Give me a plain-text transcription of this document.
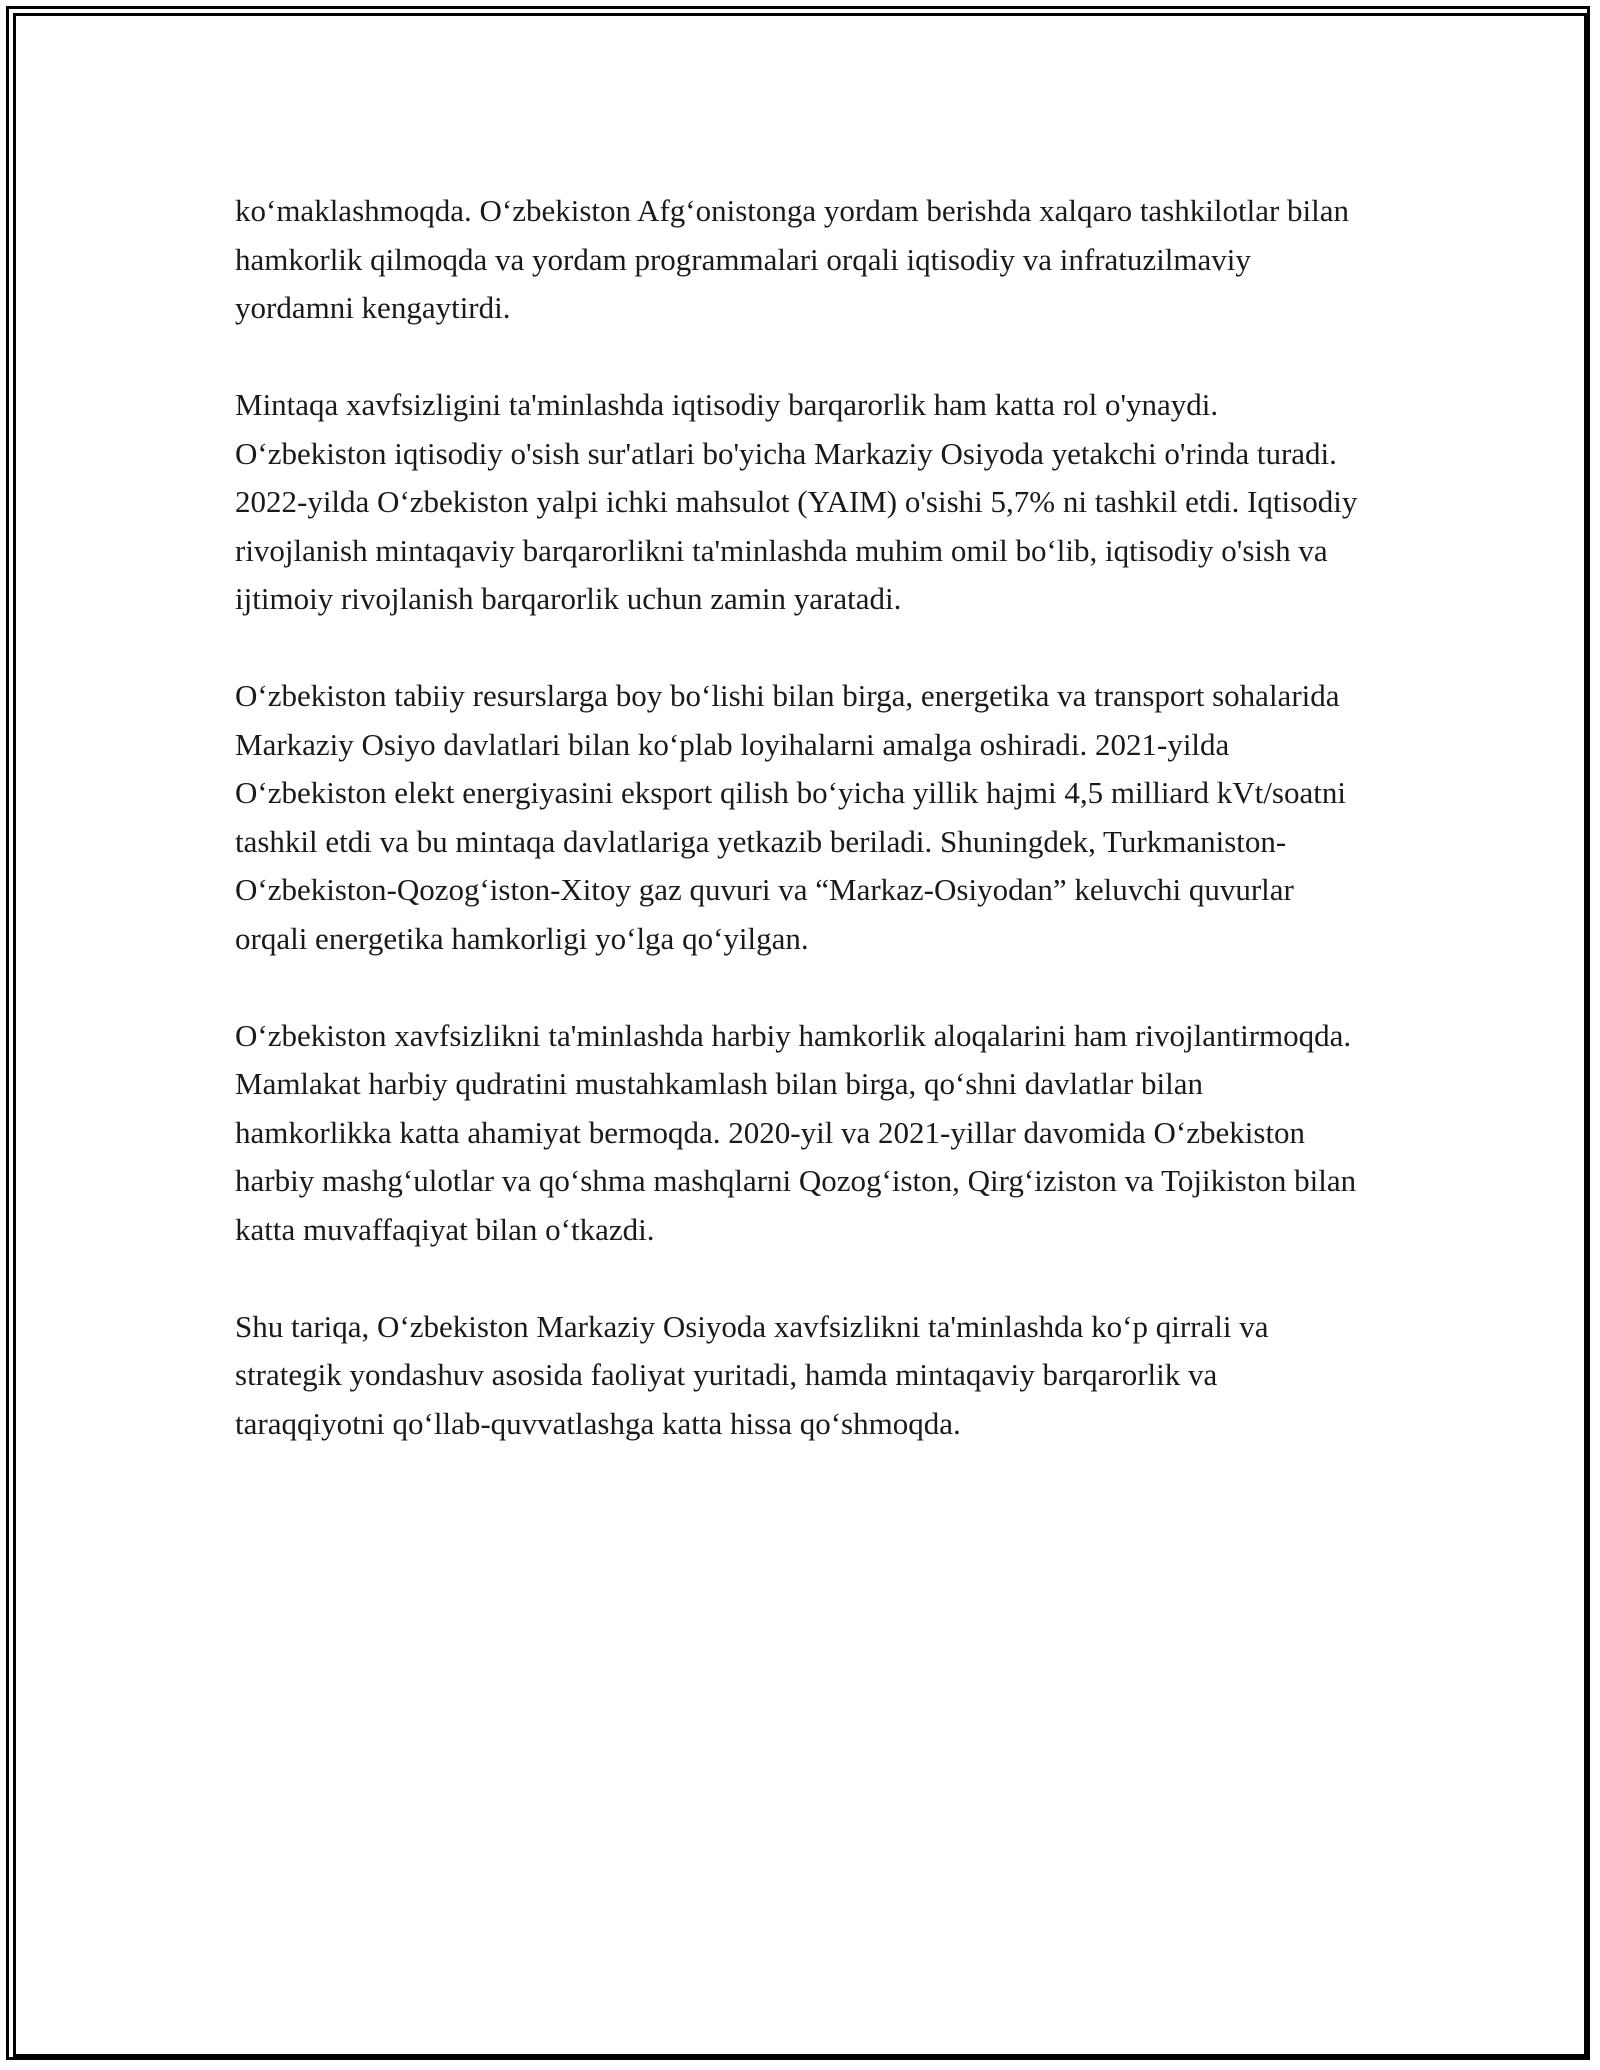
ko‘maklashmoqda. O‘zbekiston Afg‘onistonga yordam berishda xalqaro tashkilotlar bilan hamkorlik qilmoqda va yordam programmalari orqali iqtisodiy va infratuzilmaviy yordamni kengaytirdi.

Mintaqa xavfsizligini ta'minlashda iqtisodiy barqarorlik ham katta rol o'ynaydi. O‘zbekiston iqtisodiy o'sish sur'atlari bo'yicha Markaziy Osiyoda yetakchi o'rinda turadi. 2022-yilda O‘zbekiston yalpi ichki mahsulot (YAIM) o'sishi 5,7% ni tashkil etdi. Iqtisodiy rivojlanish mintaqaviy barqarorlikni ta'minlashda muhim omil bo‘lib, iqtisodiy o'sish va ijtimoiy rivojlanish barqarorlik uchun zamin yaratadi.

O‘zbekiston tabiiy resurslarga boy bo‘lishi bilan birga, energetika va transport sohalarida Markaziy Osiyo davlatlari bilan ko‘plab loyihalarni amalga oshiradi. 2021-yilda O‘zbekiston elekt energiyasini eksport qilish bo‘yicha yillik hajmi 4,5 milliard kVt/soatni tashkil etdi va bu mintaqa davlatlariga yetkazib beriladi. Shuningdek, Turkmaniston-O‘zbekiston-Qozog‘iston-Xitoy gaz quvuri va “Markaz-Osiyodan” keluvchi quvurlar orqali energetika hamkorligi yo‘lga qo‘yilgan.

O‘zbekiston xavfsizlikni ta'minlashda harbiy hamkorlik aloqalarini ham rivojlantirmoqda. Mamlakat harbiy qudratini mustahkamlash bilan birga, qo‘shni davlatlar bilan hamkorlikka katta ahamiyat bermoqda. 2020-yil va 2021-yillar davomida O‘zbekiston harbiy mashg‘ulotlar va qo‘shma mashqlarni Qozog‘iston, Qirg‘iziston va Tojikiston bilan katta muvaffaqiyat bilan o‘tkazdi.

Shu tariqa, O‘zbekiston Markaziy Osiyoda xavfsizlikni ta'minlashda ko‘p qirrali va strategik yondashuv asosida faoliyat yuritadi, hamda mintaqaviy barqarorlik va taraqqiyotni qo‘llab-quvvatlashga katta hissa qo‘shmoqda.
